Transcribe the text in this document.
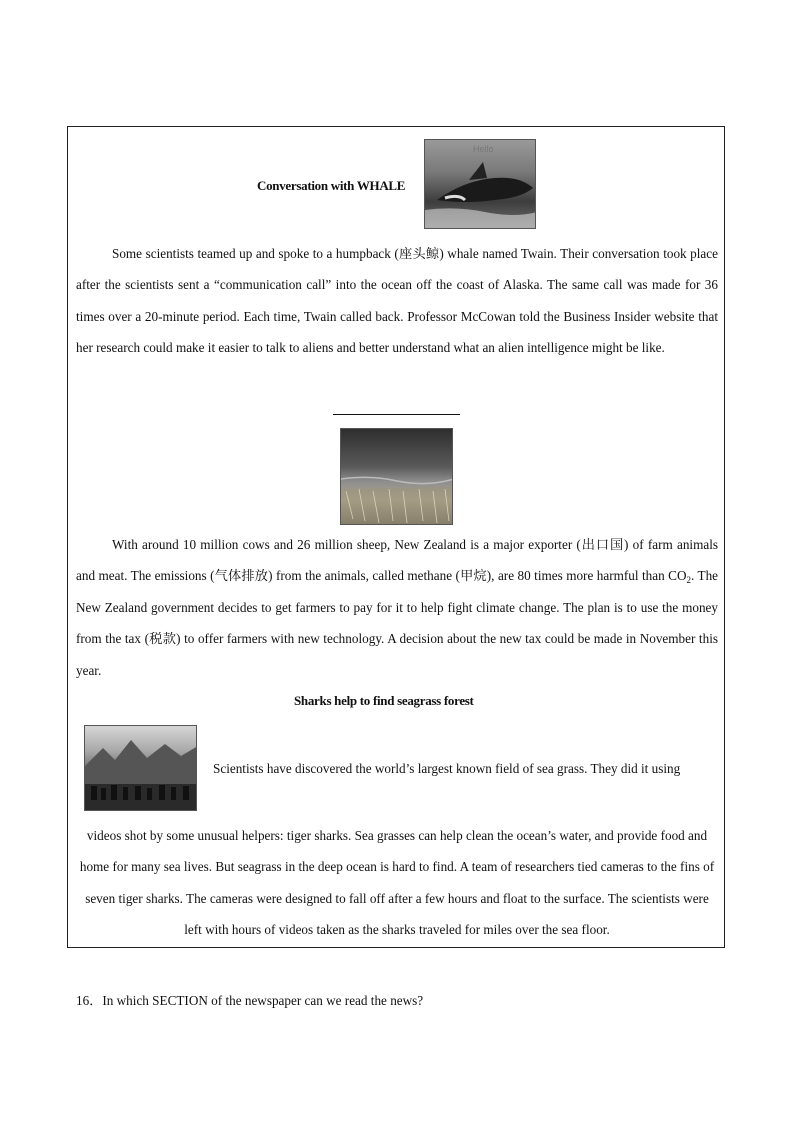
Conversation with WHALE
Hello
Some scientists teamed up and spoke to a humpback (座头鲸) whale named Twain. Their conversation took place after the scientists sent a “communication call” into the ocean off the coast of Alaska. The same call was made for 36 times over a 20-minute period. Each time, Twain called back. Professor McCowan told the Business Insider website that her research could make it easier to talk to aliens and better understand what an alien intelligence might be like.
With around 10 million cows and 26 million sheep, New Zealand is a major exporter (出口国) of farm animals and meat. The emissions (气体排放) from the animals, called methane (甲烷), are 80 times more harmful than $CO_2$. The New Zealand government decides to get farmers to pay for it to help fight climate change. The plan is to use the money from the tax (税款) to offer farmers with new technology. A decision about the new tax could be made in November this year.
Sharks help to find seagrass forest
Scientists have discovered the world’s largest known field of sea grass. They did it using
videos shot by some unusual helpers: tiger sharks. Sea grasses can help clean the ocean’s water, and provide food and home for many sea lives. But seagrass in the deep ocean is hard to find. A team of researchers tied cameras to the fins of seven tiger sharks. The cameras were designed to fall off after a few hours and float to the surface. The scientists were left with hours of videos taken as the sharks traveled for miles over the sea floor.
16．In which SECTION of the newspaper can we read the news?
